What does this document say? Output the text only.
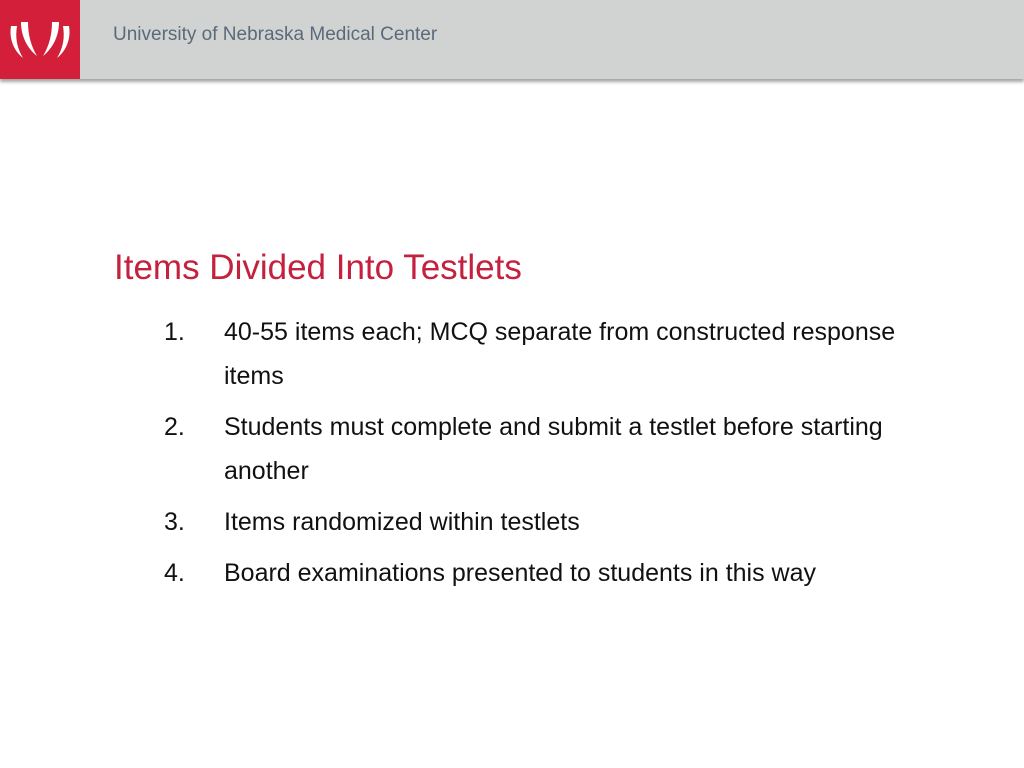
University of Nebraska Medical Center
Items Divided Into Testlets
1. 40-55 items each; MCQ separate from constructed response items
2. Students must complete and submit a testlet before starting another
3. Items randomized within testlets
4. Board examinations presented to students in this way
